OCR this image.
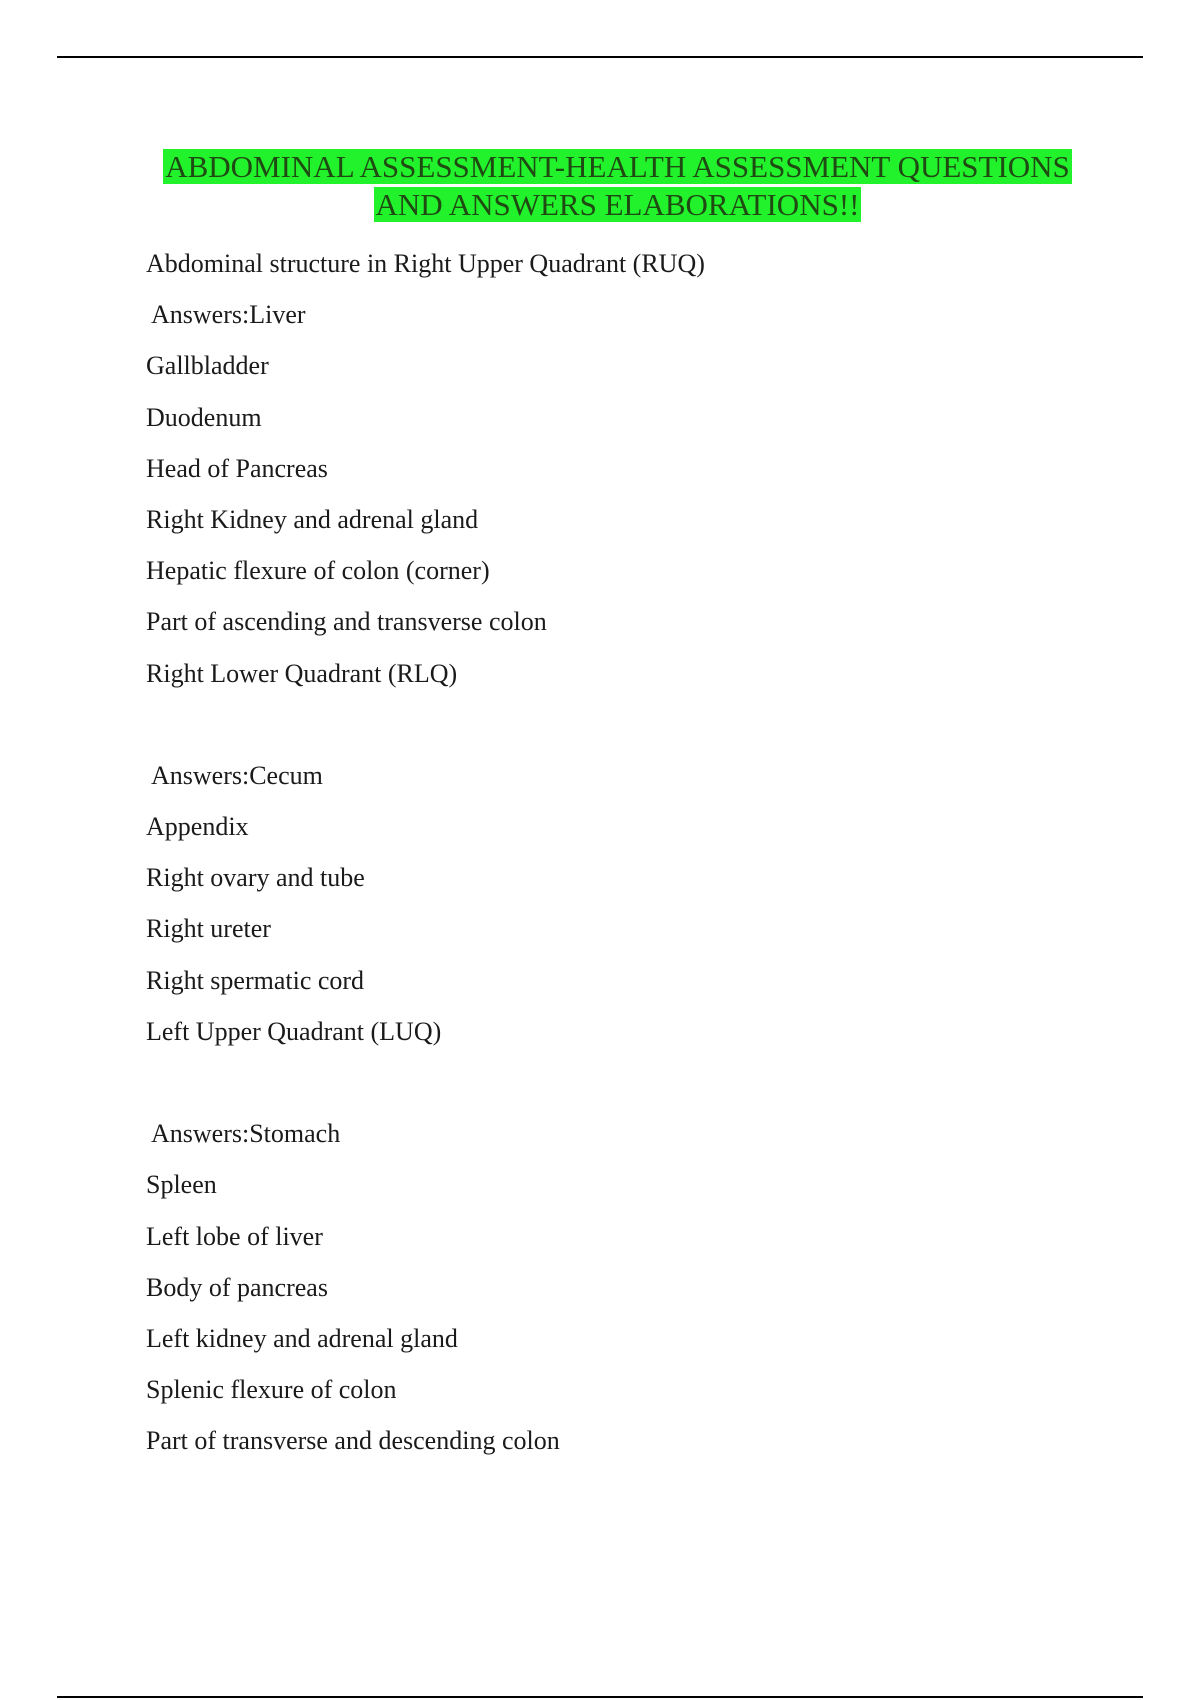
ABDOMINAL ASSESSMENT-HEALTH ASSESSMENT QUESTIONS
AND ANSWERS ELABORATIONS!!
Abdominal structure in Right Upper Quadrant (RUQ)
Answers:Liver
Gallbladder
Duodenum
Head of Pancreas
Right Kidney and adrenal gland
Hepatic flexure of colon (corner)
Part of ascending and transverse colon
Right Lower Quadrant (RLQ)
Answers:Cecum
Appendix
Right ovary and tube
Right ureter
Right spermatic cord
Left Upper Quadrant (LUQ)
Answers:Stomach
Spleen
Left lobe of liver
Body of pancreas
Left kidney and adrenal gland
Splenic flexure of colon
Part of transverse and descending colon
